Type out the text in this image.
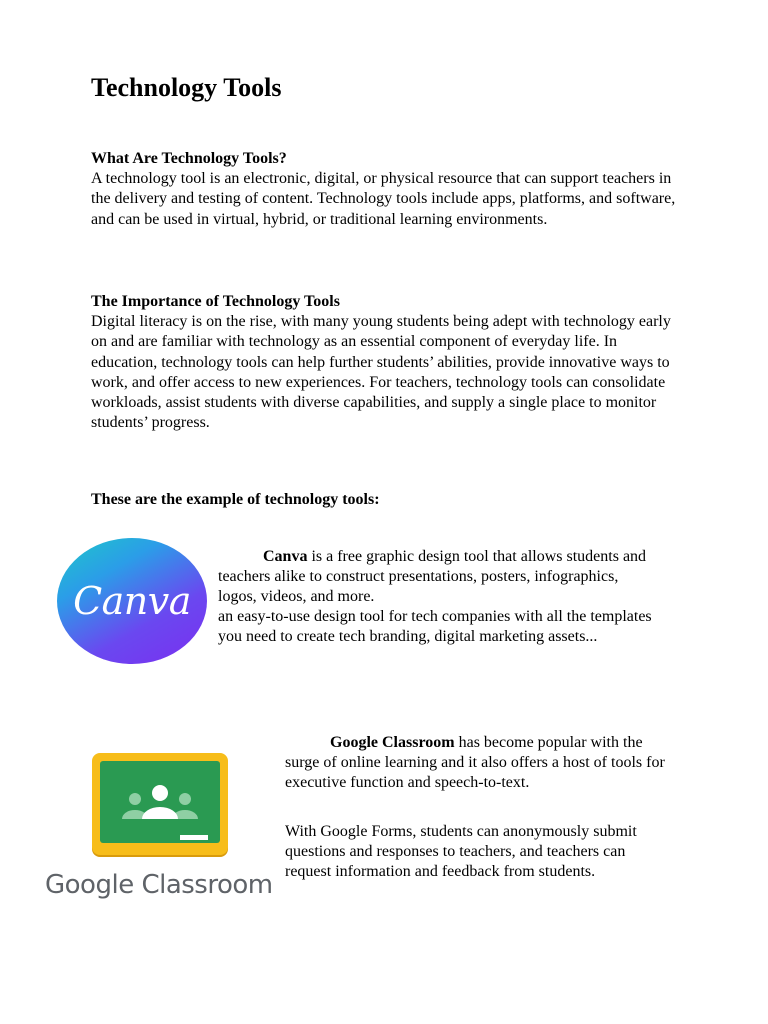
Technology Tools

What Are Technology Tools?

A technology tool is an electronic, digital, or physical resource that can support teachers in the delivery and testing of content. Technology tools include apps, platforms, and software, and can be used in virtual, hybrid, or traditional learning environments.

The Importance of Technology Tools

Digital literacy is on the rise, with many young students being adept with technology early on and are familiar with technology as an essential component of everyday life. In education, technology tools can help further students’ abilities, provide innovative ways to work, and offer access to new experiences. For teachers, technology tools can consolidate workloads, assist students with diverse capabilities, and supply a single place to monitor students’ progress.

These are the example of technology tools:

Canva

Canva is a free graphic design tool that allows students and teachers alike to construct presentations, posters, infographics, logos, videos, and more.
an easy-to-use design tool for tech companies with all the templates you need to create tech branding, digital marketing assets...

Google Classroom

Google Classroom has become popular with the surge of online learning and it also offers a host of tools for executive function and speech-to-text.

With Google Forms, students can anonymously submit questions and responses to teachers, and teachers can request information and feedback from students.
